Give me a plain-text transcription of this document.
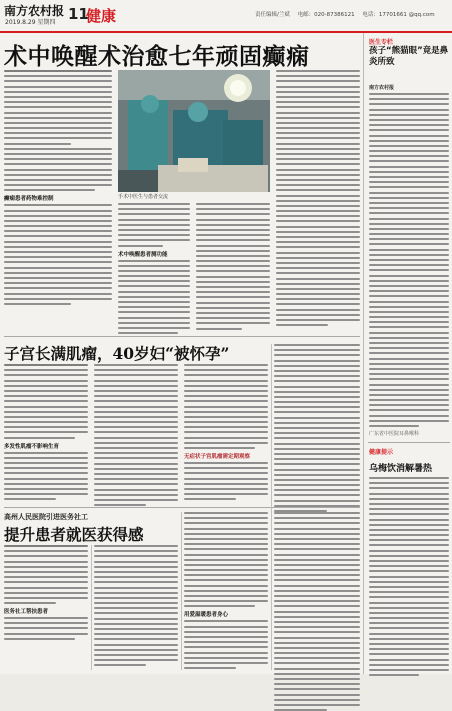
南方农村报
2019.8.29 星期四 11
健康	责任编辑/兰斌 电邮：020-87386121 电话：17701661 @qq.com
术中唤醒术治愈七年顽固癫痫
癫痫患者药物难控制	手术中医生与患者交流
术中唤醒患者测功能
子宫长满肌瘤，40岁妇“被怀孕”
多发性肌瘤不影响生育
无症状子宫肌瘤需定期观察
高州人民医院引进医务社工
提升患者就医获得感
医务社工帮扶患者
用爱温暖患者身心
医生专栏
孩子“熊猫眼”竟是鼻炎所致
南方农村报
广东省中医院耳鼻喉科
健康提示
乌梅饮消解暑热
